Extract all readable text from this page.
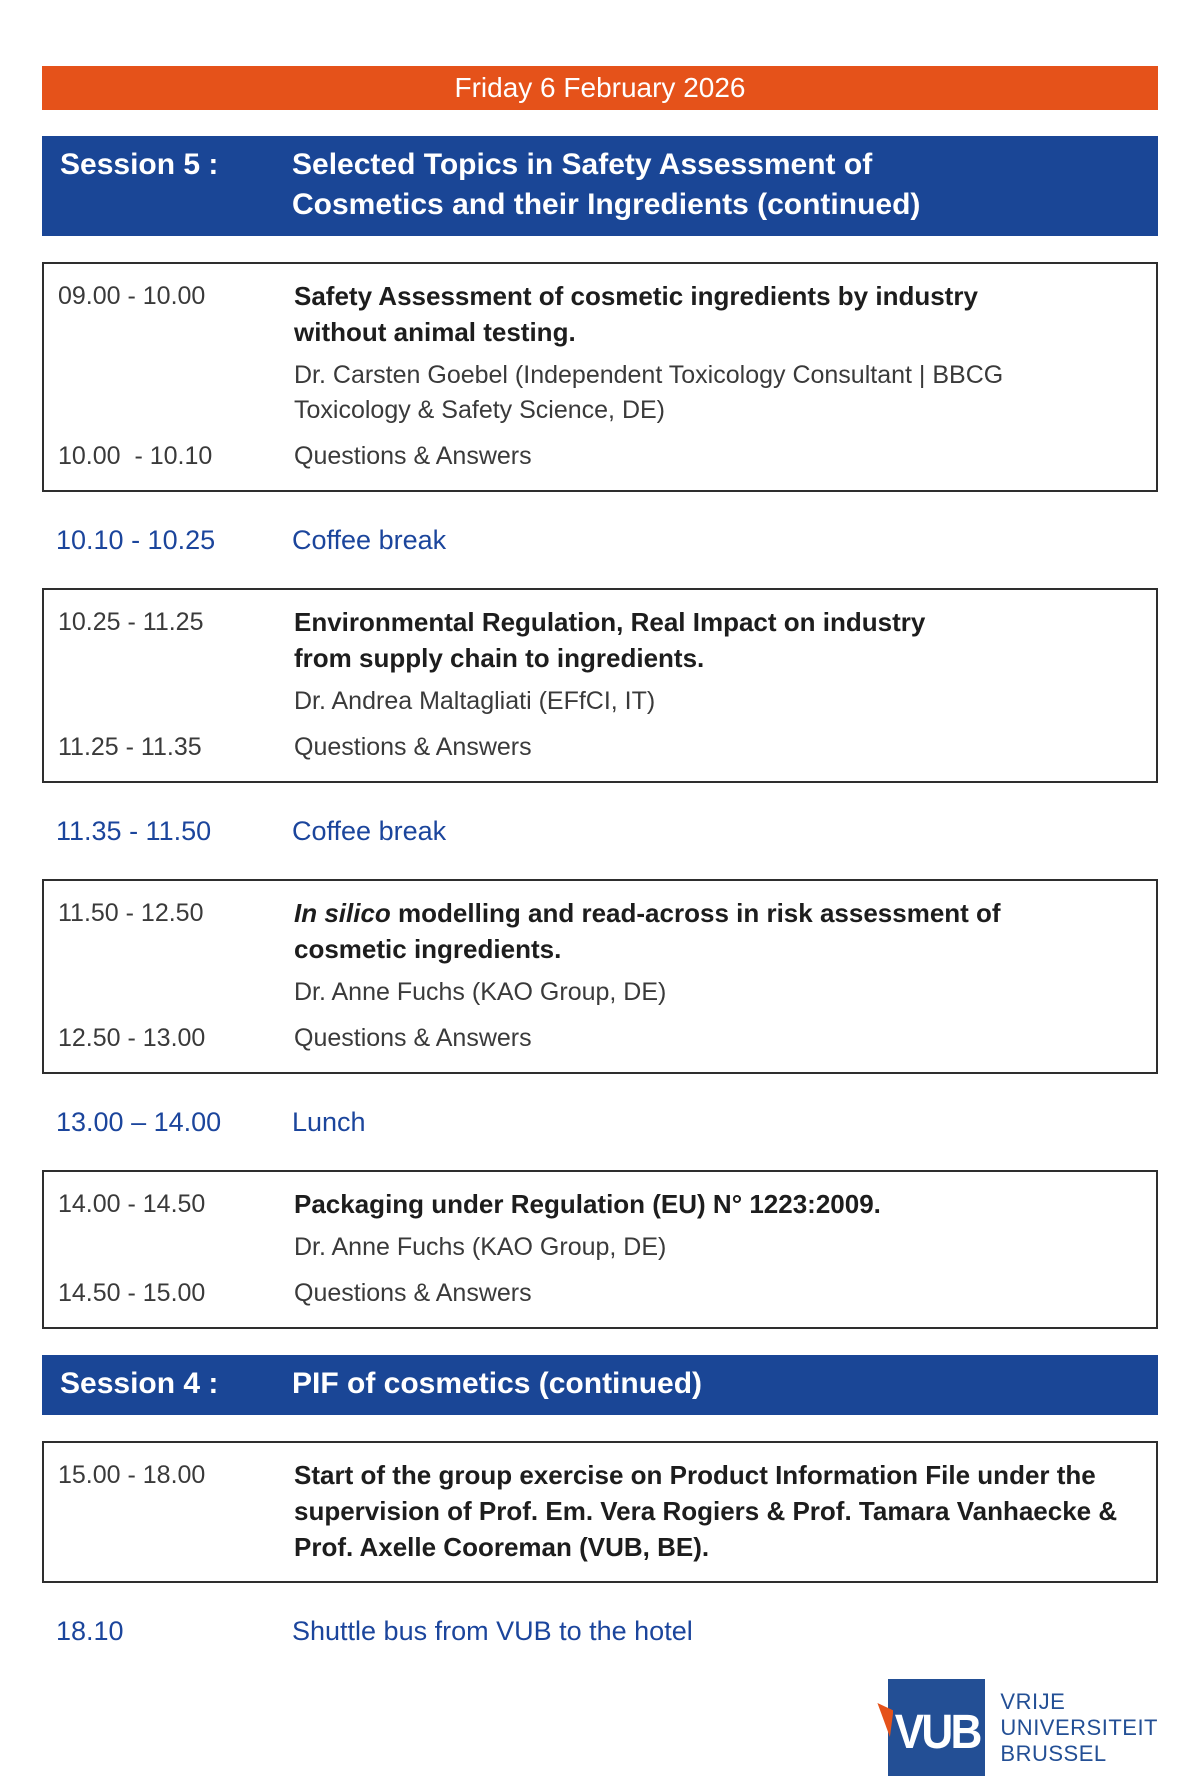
Friday 6 February 2026
Session 5 :	Selected Topics in Safety Assessment of
Cosmetics and their Ingredients (continued)
09.00 - 10.00	Safety Assessment of cosmetic ingredients by industry
without animal testing.
Dr. Carsten Goebel (Independent Toxicology Consultant | BBCG
Toxicology & Safety Science, DE)
10.00  - 10.10	Questions & Answers
10.10 - 10.25	Coffee break
10.25 - 11.25	Environmental Regulation, Real Impact on industry
from supply chain to ingredients.
Dr. Andrea Maltagliati (EFfCI, IT)
11.25 - 11.35	Questions & Answers
11.35 - 11.50	Coffee break
11.50 - 12.50	In silico modelling and read-across in risk assessment of
cosmetic ingredients.
Dr. Anne Fuchs (KAO Group, DE)
12.50 - 13.00	Questions & Answers
13.00 – 14.00	Lunch
14.00 - 14.50	Packaging under Regulation (EU) N° 1223:2009.
Dr. Anne Fuchs (KAO Group, DE)
14.50 - 15.00	Questions & Answers
Session 4 :	PIF of cosmetics (continued)
15.00 - 18.00	Start of the group exercise on Product Information File under the
supervision of Prof. Em. Vera Rogiers & Prof. Tamara Vanhaecke &
Prof. Axelle Cooreman (VUB, BE).
18.10	Shuttle bus from VUB to the hotel
VUB
VRIJE
UNIVERSITEIT
BRUSSEL
